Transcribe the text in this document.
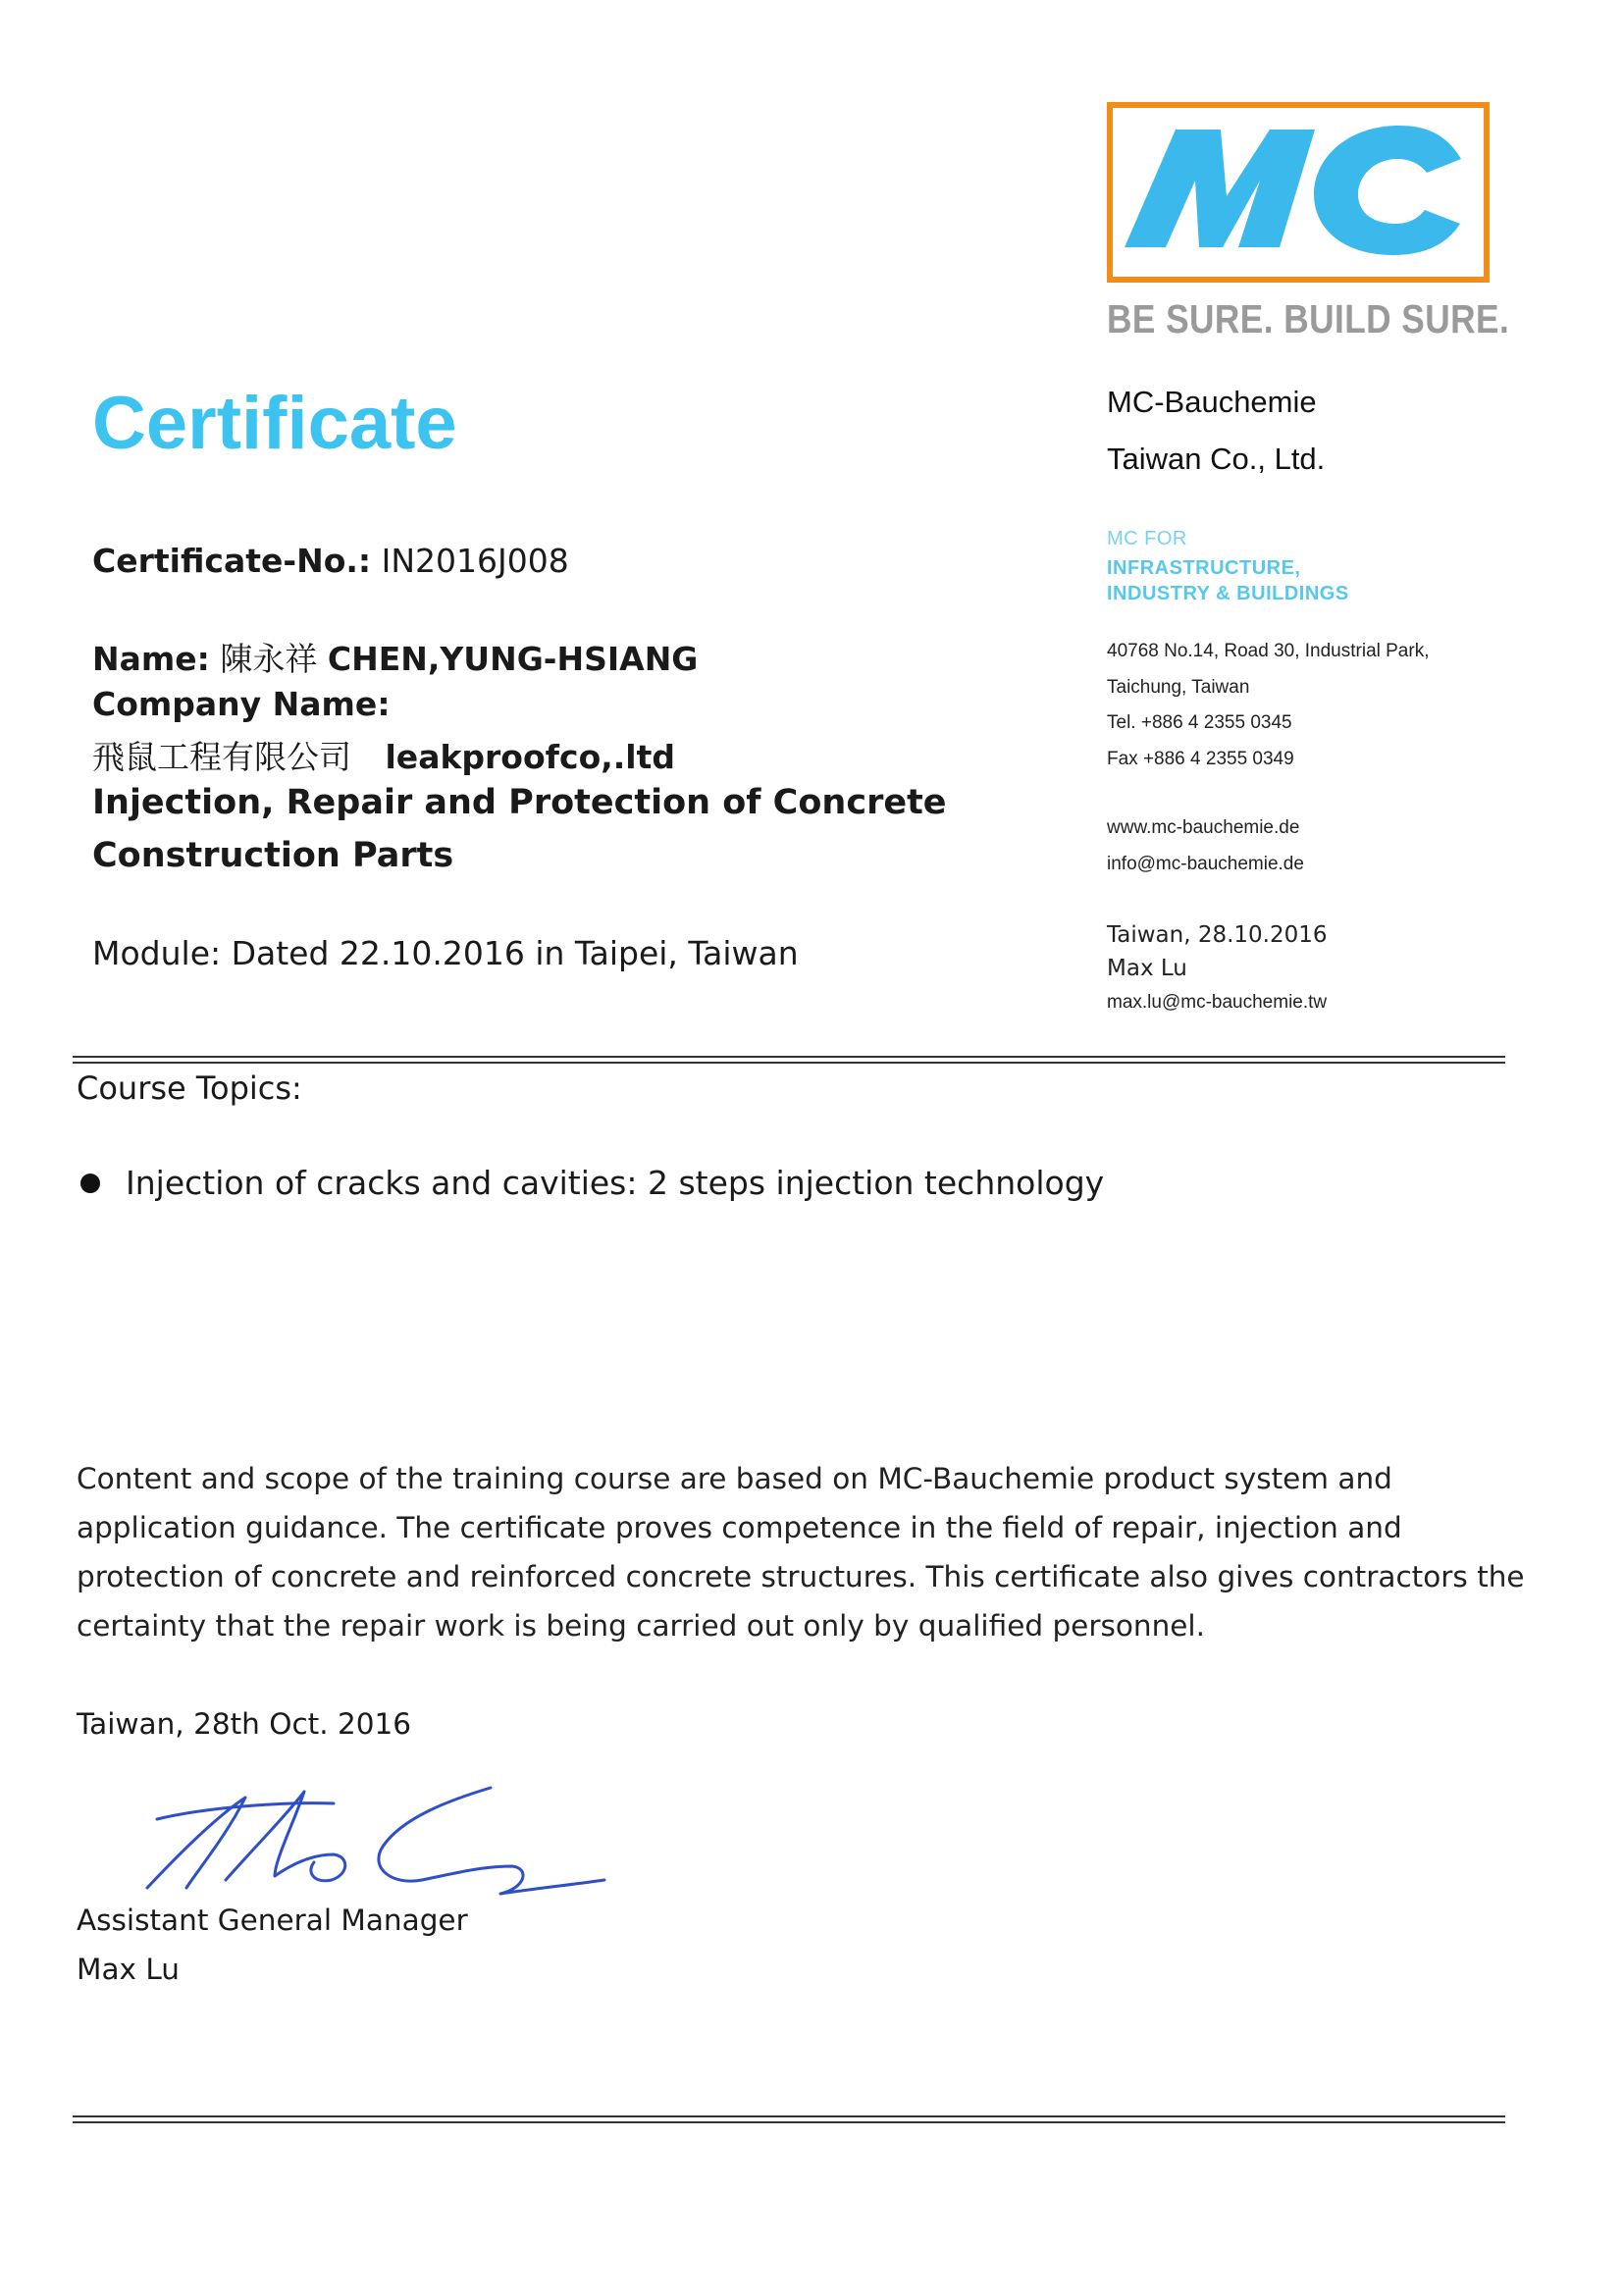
BE SURE. BUILD SURE.
MC-Bauchemie
Taiwan Co., Ltd.
MC FOR
INFRASTRUCTURE,
INDUSTRY & BUILDINGS
40768 No.14, Road 30, Industrial Park,
Taichung, Taiwan
Tel. +886 4 2355 0345
Fax +886 4 2355 0349
www.mc-bauchemie.de
info@mc-bauchemie.de
Taiwan, 28.10.2016
Max Lu
max.lu@mc-bauchemie.tw
Certificate
Certificate-No.: IN2016J008
Name: 陳永祥 CHEN,YUNG-HSIANG
Company Name:
飛鼠工程有限公司 leakproofco,.ltd
Injection, Repair and Protection of Concrete
Construction Parts
Module: Dated 22.10.2016 in Taipei, Taiwan
Course Topics:
Injection of cracks and cavities: 2 steps injection technology
Content and scope of the training course are based on MC-Bauchemie product system and application guidance. The certificate proves competence in the field of repair, injection and protection of concrete and reinforced concrete structures. This certificate also gives contractors the certainty that the repair work is being carried out only by qualified personnel.
Taiwan, 28th Oct. 2016
Assistant General Manager
Max Lu
